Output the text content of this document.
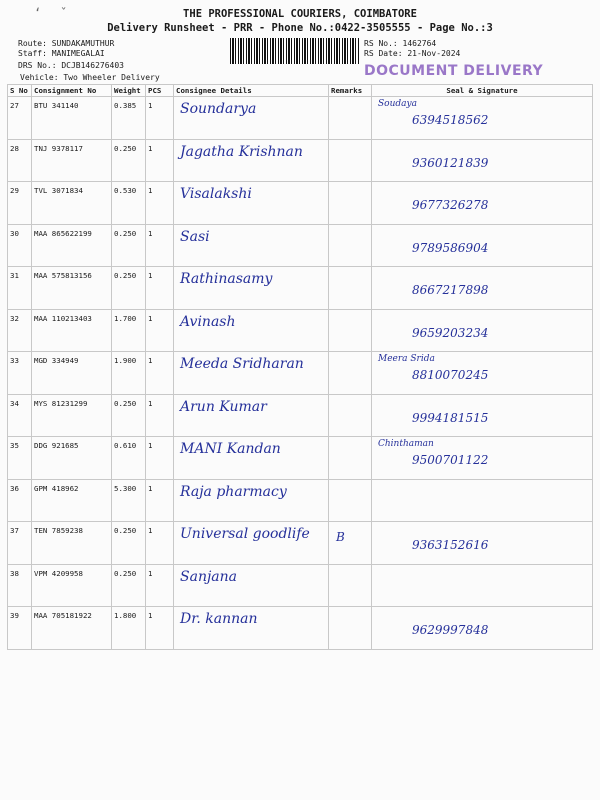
‘ ˇ	THE PROFESSIONAL COURIERS, COIMBATORE
Delivery Runsheet - PRR - Phone No.:0422-3505555 - Page No.:3
Route: SUNDAKAMUTHUR
Staff: MANIMEGALAI
DRS No.: DCJB146276403
Vehicle: Two Wheeler Delivery
RS No.: 1462764
RS Date: 21-Nov-2024
DOCUMENT DELIVERY
S No	Consignment No	Weight	PCS	Consignee Details	Remarks	Seal & Signature
27	BTU 341140	0.385	1	Soundarya		Soudaya
6394518562

28	TNJ 9378117	0.250	1	Jagatha Krishnan		9360121839

29	TVL 3071834	0.530	1	Visalakshi		9677326278

30	MAA 865622199	0.250	1	Sasi		9789586904

31	MAA 575813156	0.250	1	Rathinasamy		8667217898

32	MAA 110213403	1.700	1	Avinash		9659203234

33	MGD 334949	1.900	1	Meeda Sridharan		Meera Srida
8810070245

34	MYS 81231299	0.250	1	Arun Kumar		9994181515

35	DDG 921685	0.610	1	MANI Kandan		Chinthaman
9500701122

36	GPM 418962	5.300	1	Raja pharmacy		

37	TEN 7859238	0.250	1	Universal goodlife	B	9363152616

38	VPM 4209958	0.250	1	Sanjana		

39	MAA 705181922	1.800	1	Dr. kannan		9629997848
